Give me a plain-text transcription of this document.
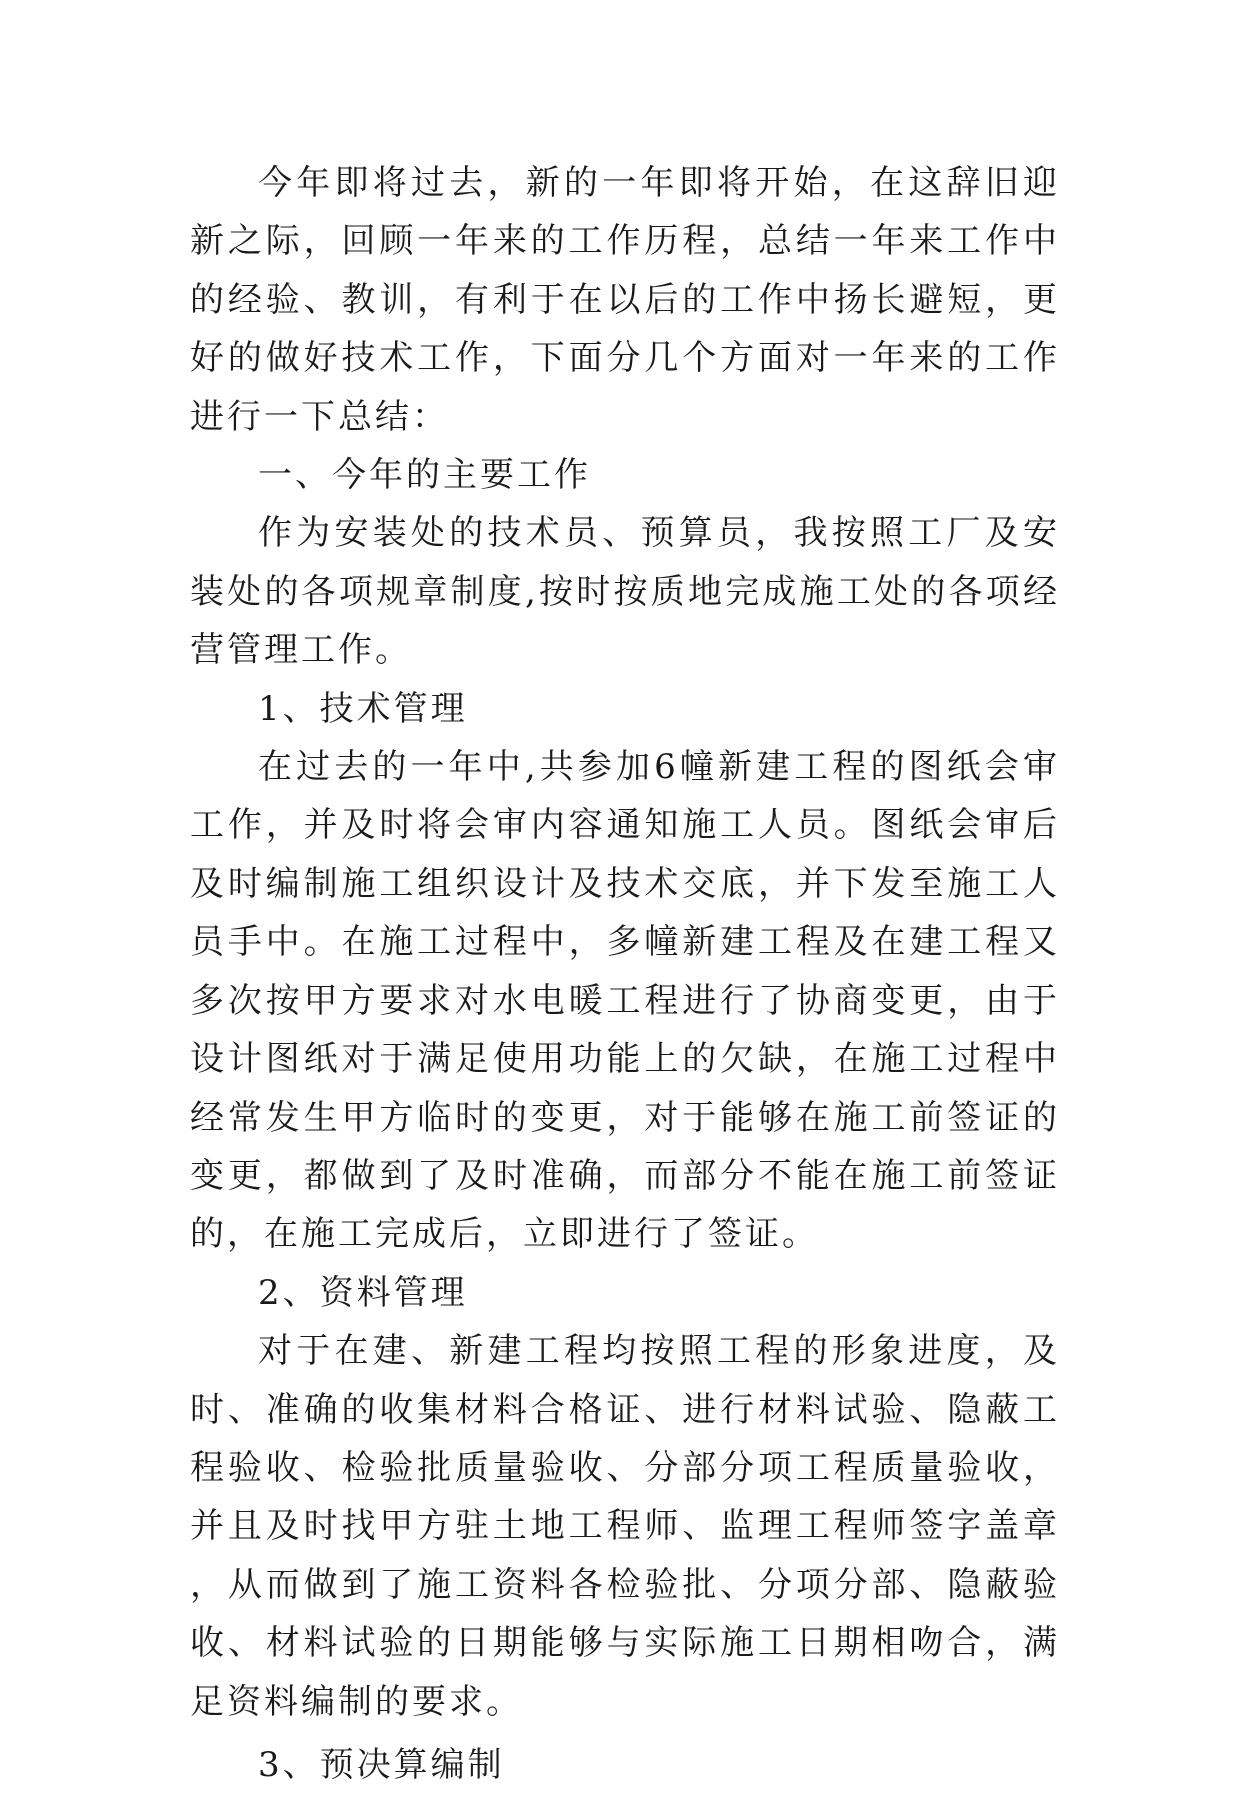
今年即将过去，新的一年即将开始，在这辞旧迎新之际，回顾一年来的工作历程，总结一年来工作中的经验、教训，有利于在以后的工作中扬长避短，更好的做好技术工作，下面分几个方面对一年来的工作进行一下总结：

一、今年的主要工作

作为安装处的技术员、预算员，我按照工厂及安装处的各项规章制度,按时按质地完成施工处的各项经营管理工作。

1、技术管理

在过去的一年中,共参加6幢新建工程的图纸会审工作，并及时将会审内容通知施工人员。图纸会审后及时编制施工组织设计及技术交底，并下发至施工人员手中。在施工过程中，多幢新建工程及在建工程又多次按甲方要求对水电暖工程进行了协商变更，由于设计图纸对于满足使用功能上的欠缺，在施工过程中经常发生甲方临时的变更，对于能够在施工前签证的变更，都做到了及时准确，而部分不能在施工前签证的，在施工完成后，立即进行了签证。

2、资料管理

对于在建、新建工程均按照工程的形象进度，及时、准确的收集材料合格证、进行材料试验、隐蔽工程验收、检验批质量验收、分部分项工程质量验收，并且及时找甲方驻土地工程师、监理工程师签字盖章，从而做到了施工资料各检验批、分项分部、隐蔽验收、材料试验的日期能够与实际施工日期相吻合，满足资料编制的要求。

3、预决算编制
